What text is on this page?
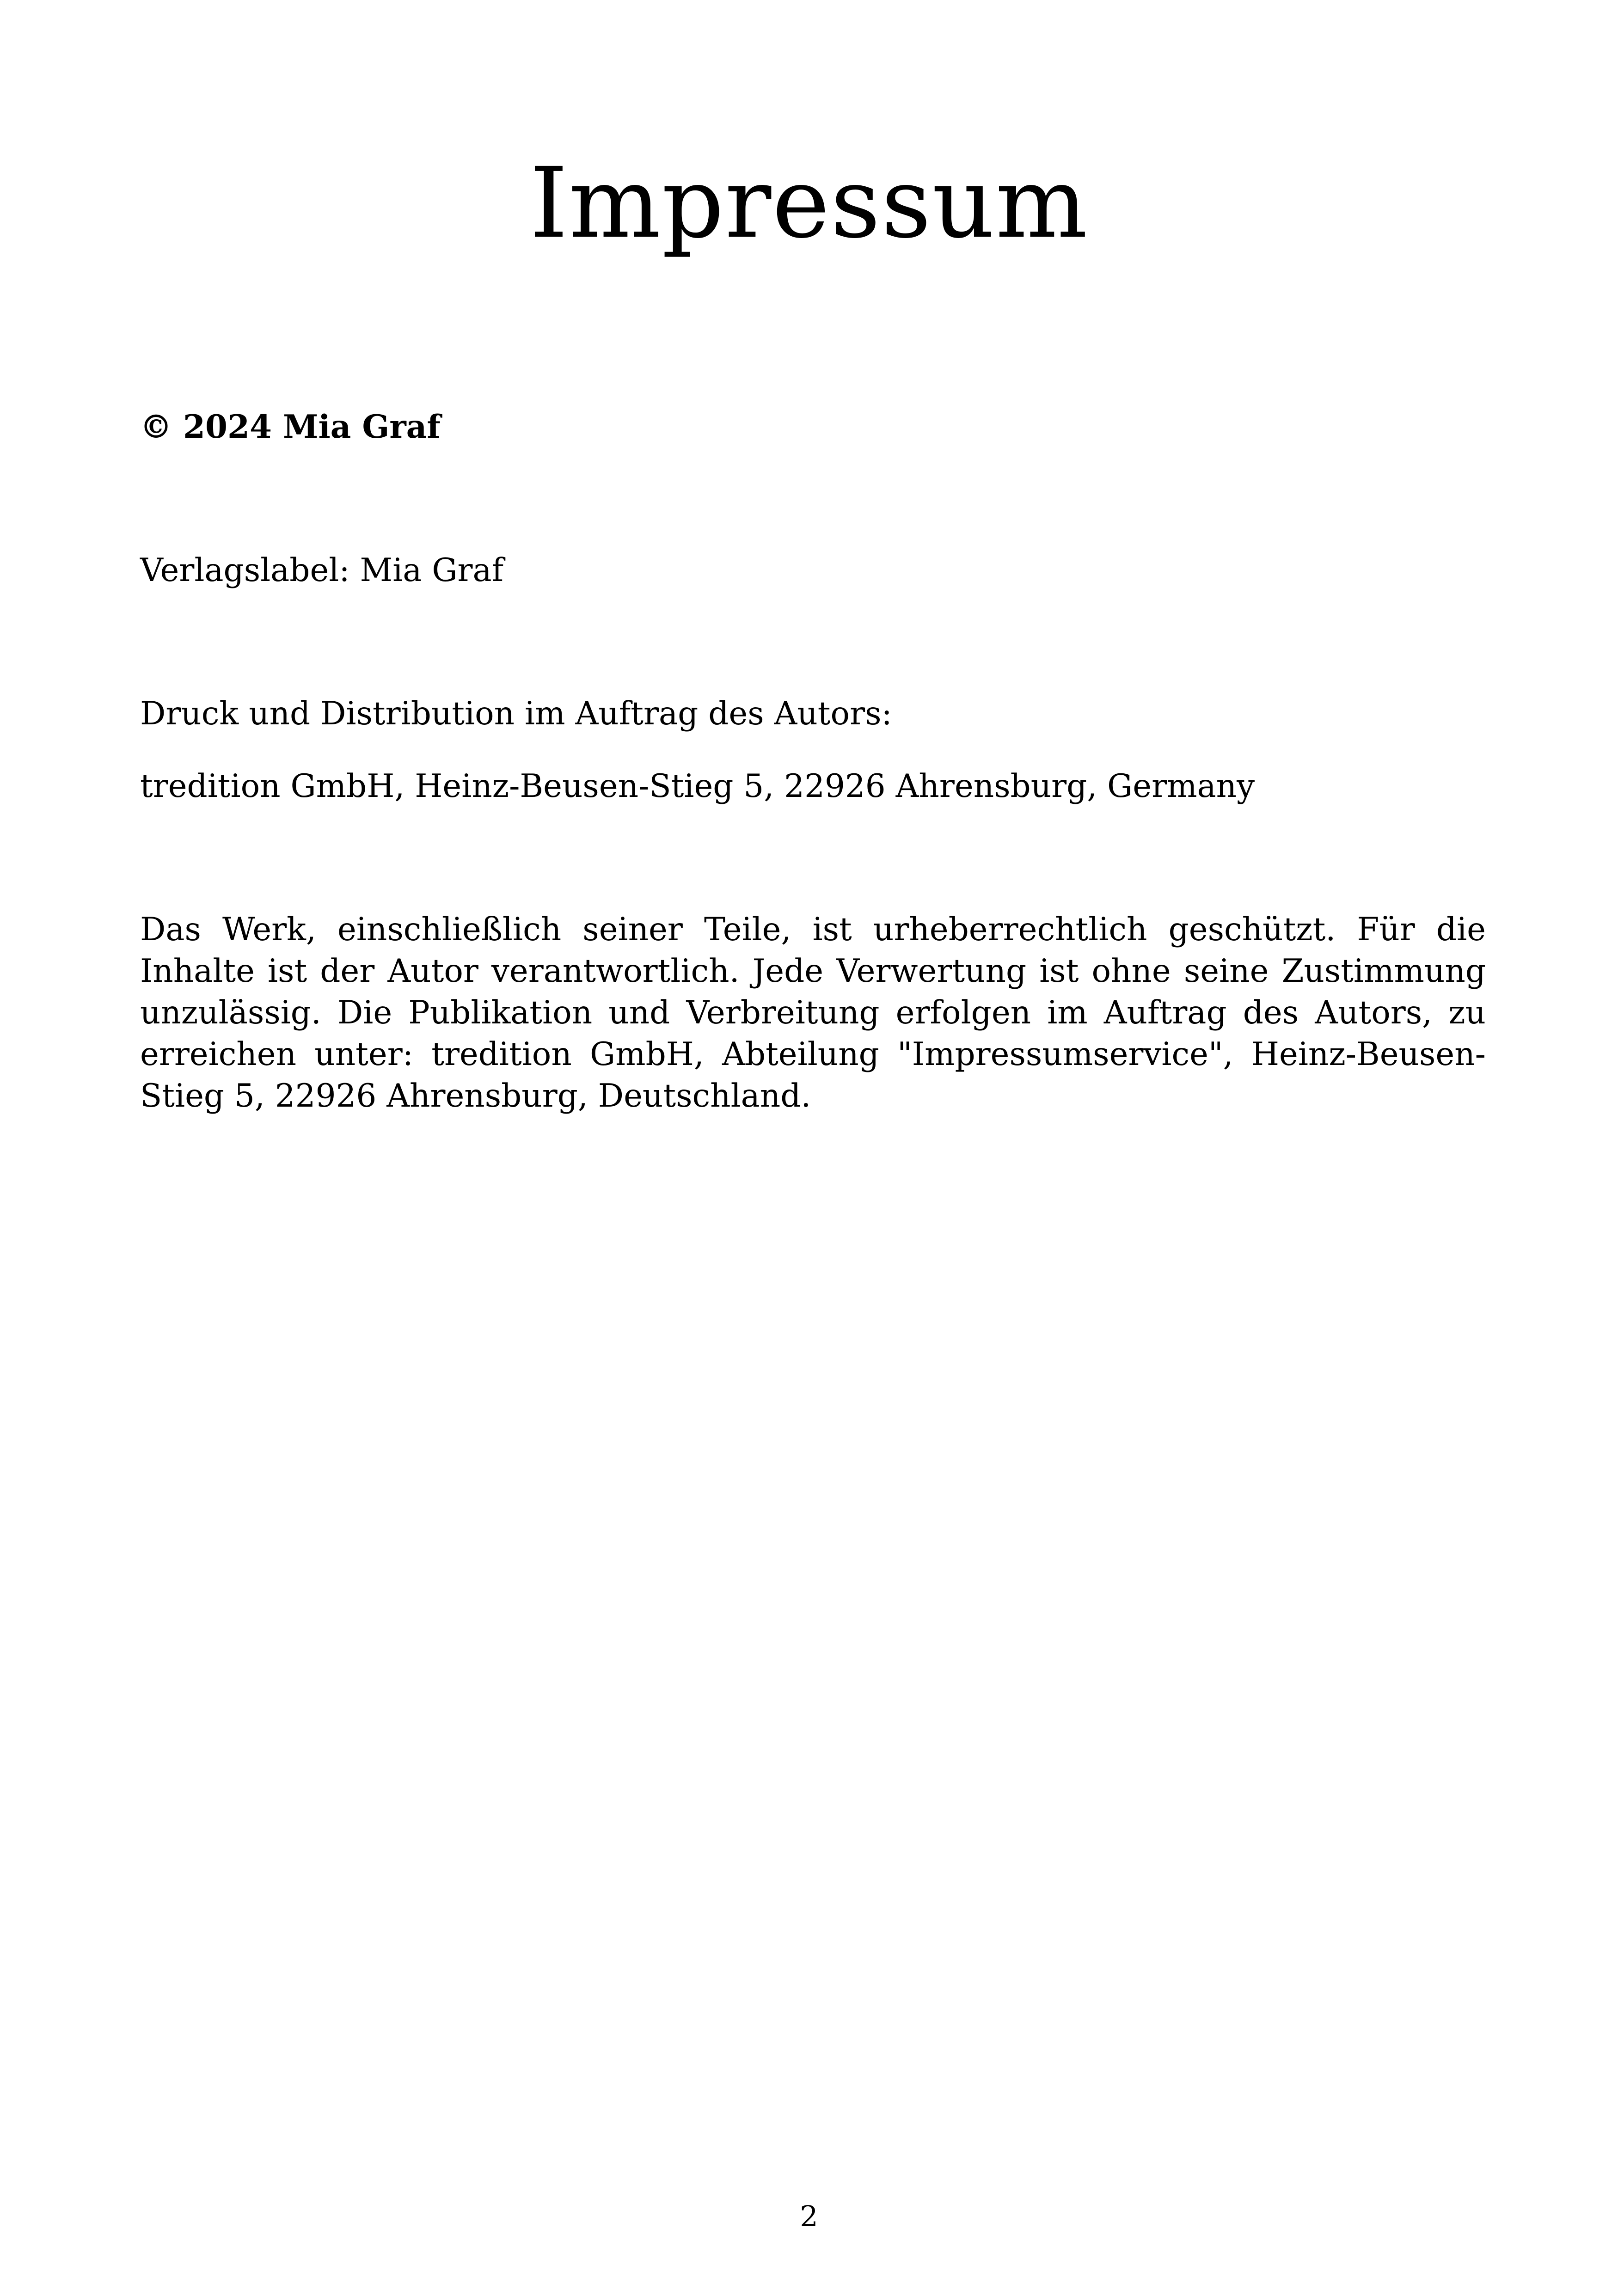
Impressum

© 2024 Mia Graf

Verlagslabel: Mia Graf

Druck und Distribution im Auftrag des Autors:

tredition GmbH, Heinz-Beusen-Stieg 5, 22926 Ahrensburg, Germany

Das Werk, einschließlich seiner Teile, ist urheberrechtlich geschützt. Für die Inhalte ist der Autor verantwortlich. Jede Verwertung ist ohne seine Zustimmung unzulässig. Die Publikation und Verbreitung erfolgen im Auftrag des Autors, zu erreichen unter: tredition GmbH, Abteilung "Impressumservice", Heinz-Beusen-Stieg 5, 22926 Ahrensburg, Deutschland.

2
